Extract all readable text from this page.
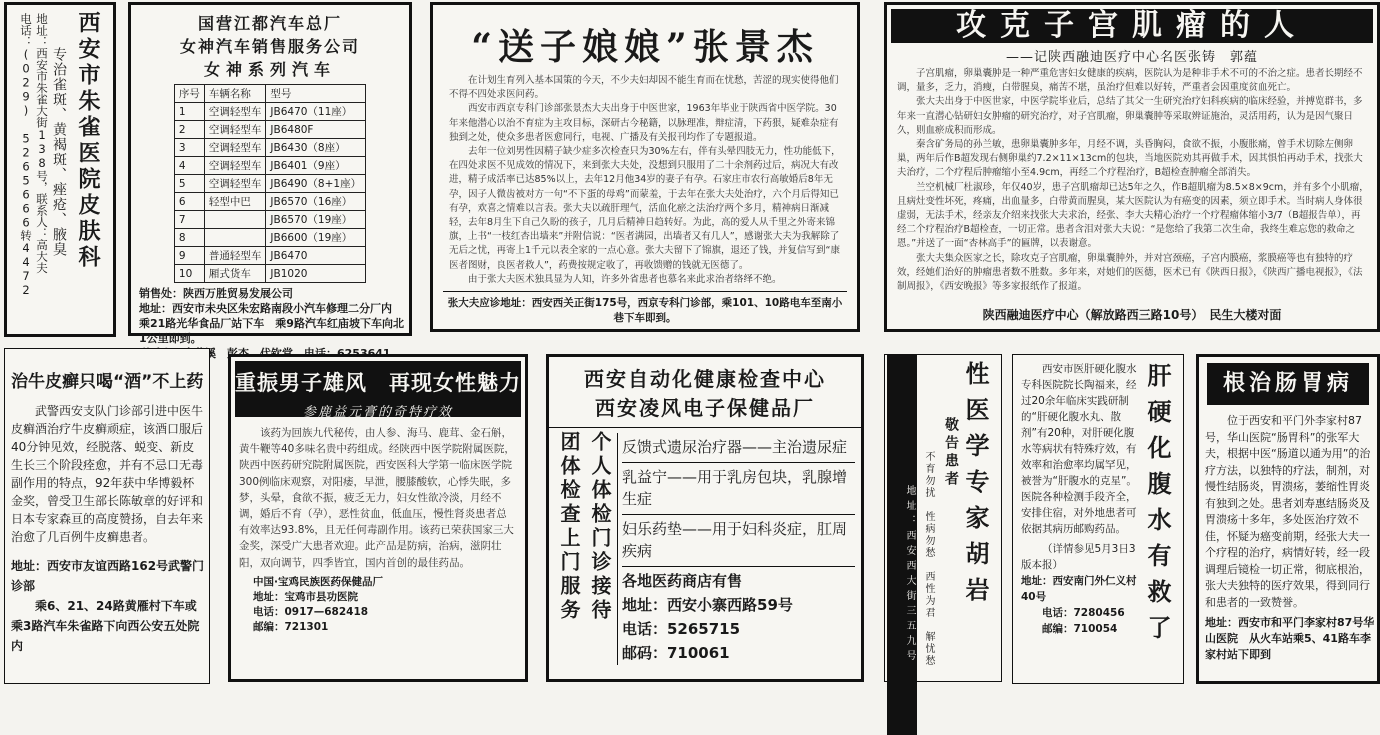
西安市朱雀医院皮肤科
专治雀斑、黄褐斑、痤疮、腋臭
地址：西安市朱雀大街138号，联系人：高大夫
电话：(029) 5265666转4472	国营江都汽车总厂
女神汽车销售服务公司
女神系列汽车
序号	车辆名称	型号
1	空调轻型车	JB6470（11座）
2	空调轻型车	JB6480F
3	空调轻型车	JB6430（8座）
4	空调轻型车	JB6401（9座）
5	空调轻型车	JB6490（8+1座）
6	轻型中巴	JB6570（16座）
7		JB6570（19座）
8		JB6600（19座）
9	普通轻型车	JB6470
10	厢式货车	JB1020
销售处：陕西万胜贸易发展公司
地址：西安市未央区朱宏路南段小汽车修理二分厂内　乘21路光华食品厂站下车　乘9路汽车红庙坡下车向北1公里即到。
“送子娘娘”张景杰

在计划生育列入基本国策的今天，不少夫妇却因不能生育而在忧愁，苦涩的现实使得他们不得不四处求医问药。

西安市西京专科门诊部张景杰大夫出身于中医世家，1963年毕业于陕西省中医学院。30年来他潜心以治不育症为主攻目标，深研古今秘籍，以脉理准，辩症清，下药狠，疑难杂症有独到之处，使众多患者医愈同行，电视、广播及有关报刊均作了专题报道。

去年一位刘男性因精子缺少症多次检查只为30%左右，伴有头晕四肢无力，性功能低下，在四处求医不见成效的情况下，来到张大夫处，没想到只服用了二十余剂药过后，病况大有改进，精子成活率已达85%以上，去年12月他34岁的妻子有孕。石家庄市农行高敏婚后8年无孕，因子人微齿被对方一句“不下蛋的母鸡”而蒙羞，于去年在张大夫处治疗，六个月后得知已有孕，欢喜之情难以言表。张大夫以疏肝理气，活血化瘀之法治疗两个多月，精神病日渐减轻，去年8月生下自己久盼的孩子，几月后精神日趋转好。为此，高的爱人从千里之外寄来锦旗，上书“一枝红杏出墙来”并附信说：“医者满园，出墙者又有几人”，感谢张大夫为我解除了无后之忧，再寄上1千元以表全家的一点心意。张大夫留下了锦旗，退还了钱，并复信写到“康医者图财，良医者救人”，药费按规定收了，再收馈赠的钱就无医德了。

由于张大夫医术独具显为人知，许多外省患者也慕名来此求治者络绎不绝。

张大夫应诊地址：西安西关正街175号，西京专科门诊部，乘101、10路电车至南小巷下车即到。
攻克子宫肌瘤的人
——记陕西融迪医疗中心名医张铸　郭蕴

子宫肌瘤，卵巢囊肿是一种严重危害妇女健康的疾病，医院认为是种非手术不可的不治之症。患者长期经不调，量多，乏力，消瘦，白带腥臭，痛苦不堪，虽治疗但难以好转，严重者会因重度贫血死亡。

张大夫出身于中医世家，中医学院毕业后，总结了其父一生研究治疗妇科疾病的临床经验，并搏览群书，多年来一直潜心钻研妇女肿瘤的研究治疗，对子宫肌瘤，卵巢囊肿等采取辨证施治，灵活用药，认为是因气聚日久，则血瘀成积而形成。

秦含矿务局的孙兰敏，患卵巢囊肿多年，月经不调，头昏胸闷，食欲不振，小腹胀痛，曾手术切除左侧卵巢，两年后作B超发现右侧卵巢约7.2×11×13cm的包块，当地医院劝其再做手术，因其惧怕再动手术，找张大夫治疗，二个疗程后肿瘤缩小至4.9cm，再经二个疗程治疗，B超检查肿瘤全部消失。

兰空机械厂杜淑珍，年仅40岁，患子宫肌瘤却已达5年之久，作B超肌瘤为8.5×8×9cm，并有多个小肌瘤，且病灶变性坏死，疼痛，出血量多，白带黄而腥臭，某大医院认为有癌变的因素，须立即手术。当时病人身体很虚弱，无法手术，经亲友介绍来找张大夫求治，经张、李大夫精心治疗一个疗程瘤体缩小3/7（B超报告单），再经二个疗程治疗B超检查，一切正常。患者含泪对张大夫说：“是您给了我第二次生命，我终生难忘您的救命之恩。”并送了一面“杏林高手”的匾牌，以表谢意。

张大夫集众医家之长，除攻克子宫肌瘤，卵巢囊肿外，并对宫颈癌，子宫内膜癌，浆膜癌等也有独特的疗效，经她们治好的肿瘤患者数不胜数。多年来，对她们的医德，医术已有《陕西日报》，《陕西广播电视报》，《法制周报》，《西安晚报》等多家报纸作了报道。

陕西融迪医疗中心（解放路西三路10号）　民生大楼对面
治牛皮癣只喝“酒”不上药

武警西安支队门诊部引进中医牛皮癣酒治疗牛皮癣顽症，该酒口服后40分钟见效，经脱落、蜕变、新皮生长三个阶段痊愈，并有不忌口无毒副作用的特点，92年获中华博毅杯金奖，曾受卫生部长陈敏章的好评和日本专家森亘的高度赞扬，自去年来治愈了几百例牛皮癣患者。

地址：西安市友谊西路162号武警门诊部
乘6、21、24路黄雁村下车或乘3路汽车朱雀路下向西公安五处院内
重振男子雄风　再现女性魅力
参鹿益元膏的奇特疗效

该药为回族九代秘传，由人参、海马、鹿茸、金石斛，黄牛鞭等40多味名贵中药组成。经陕西中医学院附属医院，陕西中医药研究院附属医院，西安医科大学第一临床医学院300例临床观察，对阳痿，早泄，腰膝酸软，心悸失眠，多梦，头晕，食欲不振，疲乏无力，妇女性欲冷淡，月经不调，婚后不育（孕），恶性贫血，低血压，慢性肾炎患者总有效率达93.8%，且无任何毒副作用。该药已荣获国家三大金奖，深受广大患者欢迎。此产品是防病，治病，滋阴壮阳，双向调节，四季皆宜，国内首创的最佳药品。

中国·宝鸡民族医药保健品厂
地址：宝鸡市县功医院
电话：0917—682418
邮编：721301
西安自动化健康检查中心
西安凌风电子保健品厂
个人体检门诊接待
团体检查上门服务	反馈式遗尿治疗器——主治遗尿症
乳益宁——用于乳房包块，乳腺增生症
妇乐药垫——用于妇科炎症，肛周疾病
各地医药商店有售
地址：西安小寨西路59号
电话：5265715
邮码：710061	地址：西安西大街三五九号 不育勿扰　性病勿愁　西性为君　解忧愁 性医学专家胡岩
敬告患者

西安市医肝硬化腹水专科医院院长陶福来，经过20余年临床实践研制的“肝硬化腹水丸、散剂”有20种，对肝硬化腹水等病状有特殊疗效，有效率和治愈率均属罕见，被誉为“肝腹水的克星”。医院各种检测手段齐全，安排住宿，对外地患者可依据其病历邮购药品。

（详情参见5月3日3版本报）

地址：西安南门外仁义村40号
电话：7280456
邮编：710054	肝硬化腹水有救了	根治肠胃病

位于西安和平门外李家村87号，华山医院“肠胃科”的张军大夫，根据中医“肠道以通为用”的治疗方法，以独特的疗法，制剂，对慢性结肠炎，胃溃疡，萎缩性胃炎有独到之处。患者刘寿惠结肠炎及胃溃疡十多年，多处医治疗效不佳，怀疑为癌变前期，经张大夫一个疗程的治疗，病情好转，经一段调理后镜检一切正常，彻底根治，张大夫独特的医疗效果，得到同行和患者的一致赞誉。

地址：西安市和平门李家村87号华山医院　从火车站乘5、41路车李家村站下即到
